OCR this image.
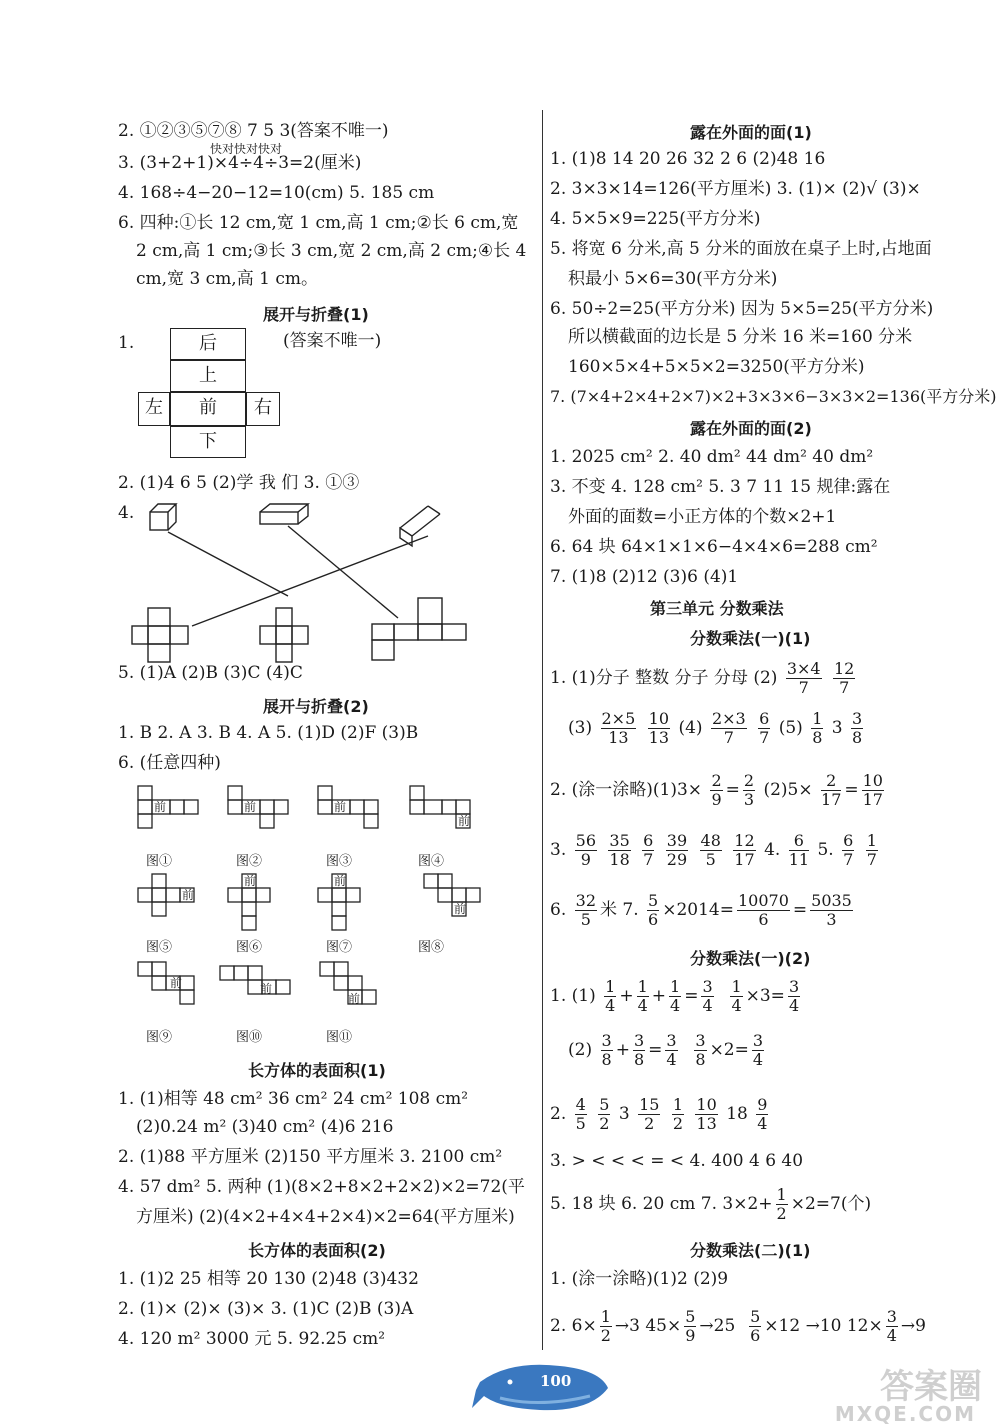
2. ①②③⑤⑦⑧ 7 5 3(答案不唯一)
快对快对快对
3. (3+2+1)×4÷4÷3=2(厘米)
4. 168÷4−20−12=10(cm) 5. 185 cm
6. 四种:①长 12 cm,宽 1 cm,高 1 cm;②长 6 cm,宽
2 cm,高 1 cm;③长 3 cm,宽 2 cm,高 2 cm;④长 4
cm,宽 3 cm,高 1 cm。
展开与折叠(1)
1.	(答案不唯一)
后
上
左	前	右
下
2. (1)4 6 5 (2)学 我 们 3. ①③
4.
5. (1)A (2)B (3)C (4)C
展开与折叠(2)
1. B 2. A 3. B 4. A 5. (1)D (2)F (3)B
6. (任意四种)
前	前	前
前
前
前	前
前
前	前
前
图①	图②	图③	图④
图⑤	图⑥	图⑦	图⑧
图⑨	图⑩	图⑪
长方体的表面积(1)
1. (1)相等 48 cm² 36 cm² 24 cm² 108 cm²
(2)0.24 m² (3)40 cm² (4)6 216
2. (1)88 平方厘米 (2)150 平方厘米 3. 2100 cm²
4. 57 dm² 5. 两种 (1)(8×2+8×2+2×2)×2=72(平
方厘米) (2)(4×2+4×4+2×4)×2=64(平方厘米)
长方体的表面积(2)
1. (1)2 25 相等 20 130 (2)48 (3)432
2. (1)× (2)× (3)× 3. (1)C (2)B (3)A
4. 120 m² 3000 元 5. 92.25 cm²
露在外面的面(1)
1. (1)8 14 20 26 32 2 6 (2)48 16
2. 3×3×14=126(平方厘米) 3. (1)× (2)√ (3)×
4. 5×5×9=225(平方分米)
5. 将宽 6 分米,高 5 分米的面放在桌子上时,占地面
积最小 5×6=30(平方分米)
6. 50÷2=25(平方分米) 因为 5×5=25(平方分米)
所以横截面的边长是 5 分米 16 米=160 分米
160×5×4+5×5×2=3250(平方分米)
7. (7×4+2×4+2×7)×2+3×3×6−3×3×2=136(平方分米)
露在外面的面(2)
1. 2025 cm² 2. 40 dm² 44 dm² 40 dm²
3. 不变 4. 128 cm² 5. 3 7 11 15 规律:露在
外面的面数=小正方体的个数×2+1
6. 64 块 64×1×1×6−4×4×6=288 cm²
7. (1)8 (2)12 (3)6 (4)1
第三单元 分数乘法
分数乘法(一)(1)
1. (1)分子 整数 分子 分母 $(2) \frac{3\times 4}{7}$
$\frac{12}{7}$
$(3) \frac{2\times 5}{13}$
$\frac{10}{13} (4) \frac{2\times 3}{7}$
$\frac{6}{7} (5) \frac{1}{8} 3 \frac{3}{8}$
2. (涂一涂略)$(1)3\times \frac{2}{9} = \frac{2}{3} (2)5\times \frac{2}{17} = \frac{10}{17}$
3. $\frac{56}{9}$
$\frac{35}{18}$
$\frac{6}{7}$
$\frac{39}{29}$
$\frac{48}{5}$
$\frac{12}{17} 4$. $\frac{6}{11} 5$. $\frac{6}{7}$
$\frac{1}{7}$
6. $\frac{32}{5}$ 米 7. $\frac{5}{6} \times 2014= \frac{10070}{6} = \frac{5035}{3}$
分数乘法(一)(2)
1. $(1) \frac{1}{4} + \frac{1}{4} + \frac{1}{4} = \frac{3}{4}$
$\frac{1}{4} \times 3= \frac{3}{4}$
$(2) \frac{3}{8} + \frac{3}{8} = \frac{3}{4}$
$\frac{3}{8} \times 2= \frac{3}{4}$
2. $\frac{4}{5}$
$\frac{5}{2} 3 \frac{15}{2}$
$\frac{1}{2}$
$\frac{10}{13} 18 \frac{9}{4}$
3. > < < < = < 4. 400 4 6 40
5. 18 块 6. 20 cm 7. $3\times 2+ \frac{1}{2} \times 2=7$(个)
分数乘法(二)(1)
1. (涂一涂略)(1)2 (2)9
2. $6\times \frac{1}{2} \to 3$ $45\times \frac{5}{9} \to 25 \frac{5}{6} \times 12 \to 10$ $12\times \frac{3}{4} \to 9$
100	答案圈
MXQE.COM
